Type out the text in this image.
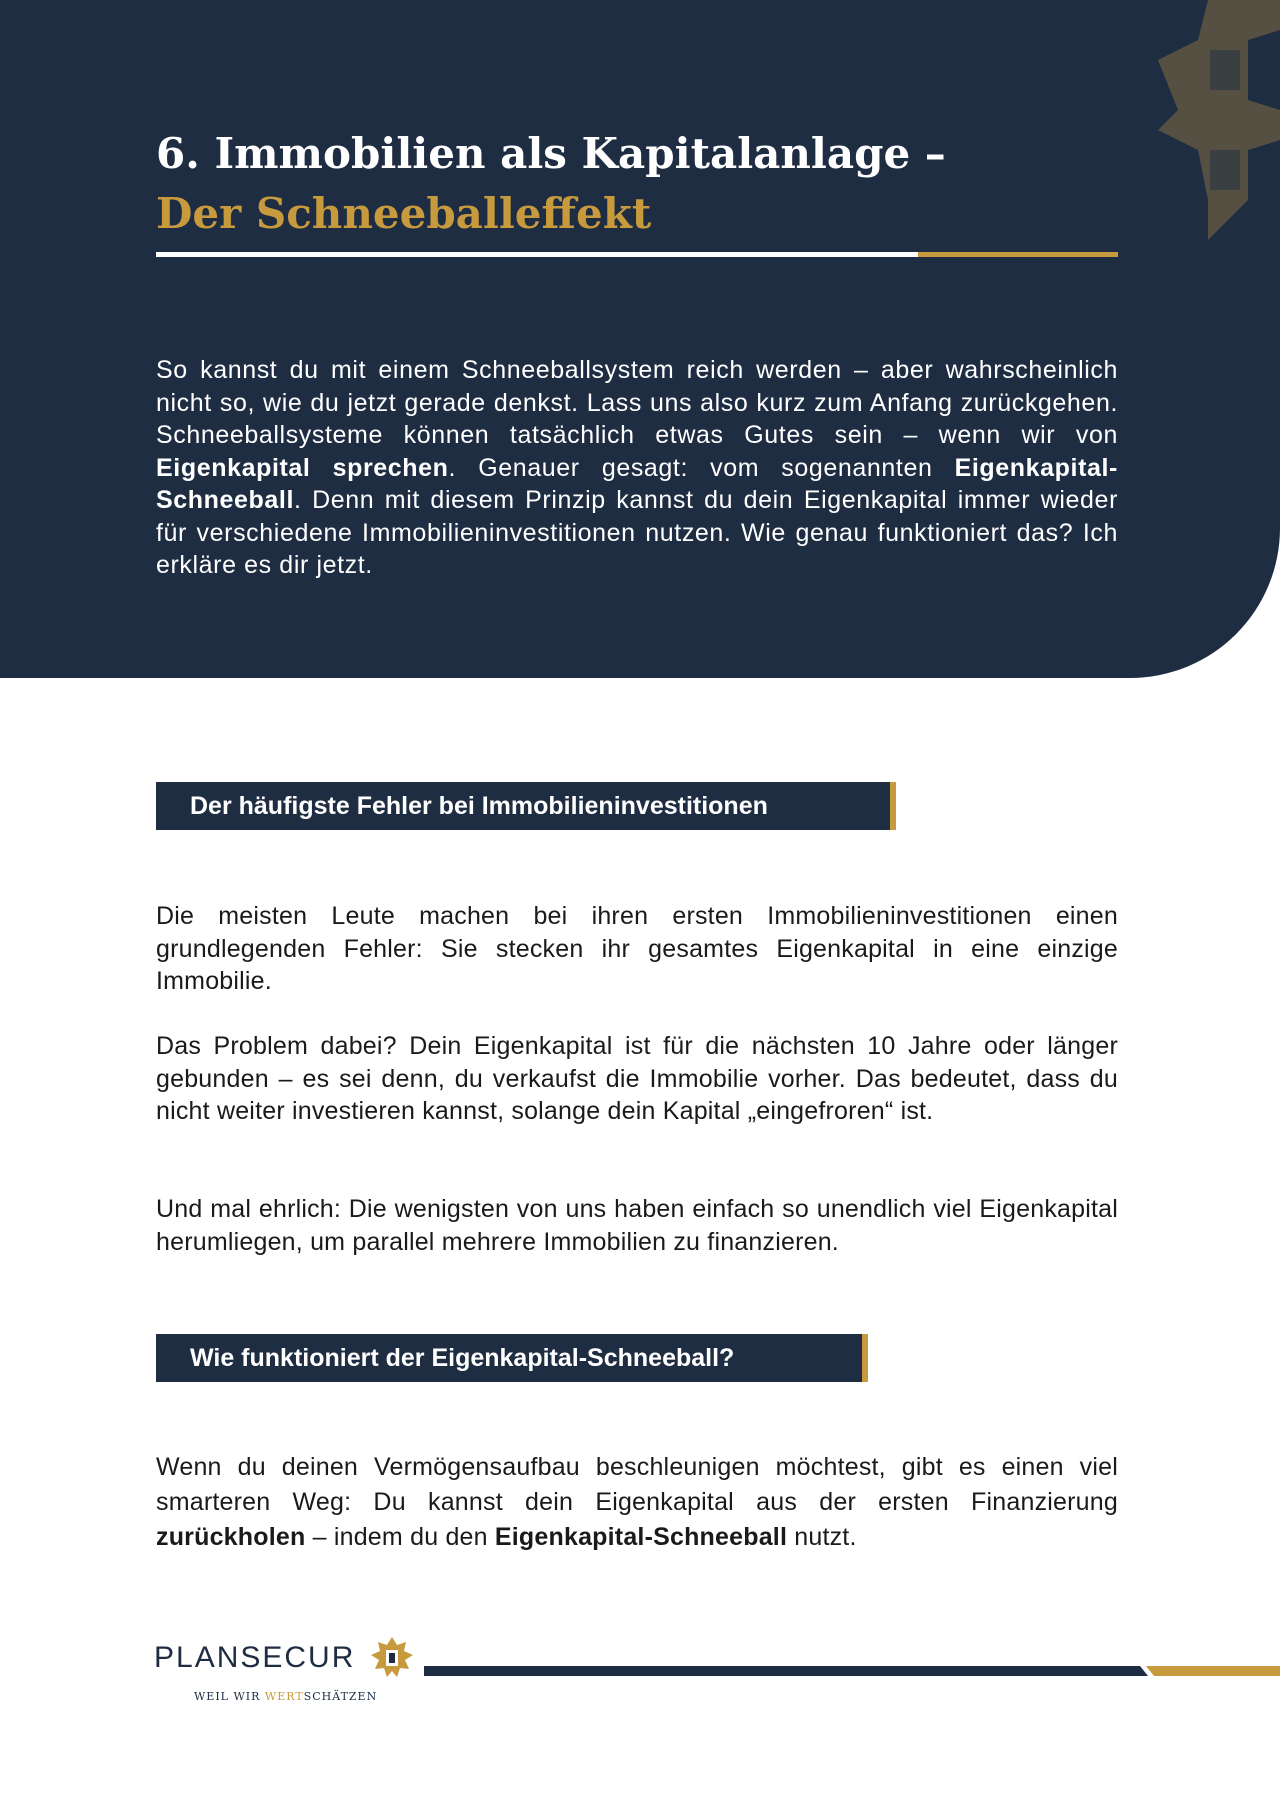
6. Immobilien als Kapitalanlage –
Der Schneeballeffekt

So kannst du mit einem Schneeballsystem reich werden – aber wahrscheinlich nicht so, wie du jetzt gerade denkst. Lass uns also kurz zum Anfang zurückgehen. Schneeballsysteme können tatsächlich etwas Gutes sein – wenn wir von Eigenkapital sprechen. Genauer gesagt: vom sogenannten Eigenkapital-Schneeball. Denn mit diesem Prinzip kannst du dein Eigenkapital immer wieder für verschiedene Immobilieninvestitionen nutzen. Wie genau funktioniert das? Ich erkläre es dir jetzt.

Der häufigste Fehler bei Immobilieninvestitionen

Die meisten Leute machen bei ihren ersten Immobilieninvestitionen einen grundlegenden Fehler: Sie stecken ihr gesamtes Eigenkapital in eine einzige Immobilie.

Das Problem dabei? Dein Eigenkapital ist für die nächsten 10 Jahre oder länger gebunden – es sei denn, du verkaufst die Immobilie vorher. Das bedeutet, dass du nicht weiter investieren kannst, solange dein Kapital „eingefroren“ ist.

Und mal ehrlich: Die wenigsten von uns haben einfach so unendlich viel Eigenkapital herumliegen, um parallel mehrere Immobilien zu finanzieren.

Wie funktioniert der Eigenkapital-Schneeball?

Wenn du deinen Vermögensaufbau beschleunigen möchtest, gibt es einen viel smarteren Weg: Du kannst dein Eigenkapital aus der ersten Finanzierung zurückholen – indem du den Eigenkapital-Schneeball nutzt.

PLANSECUR
WEIL WIR WERTSCHÄTZEN
